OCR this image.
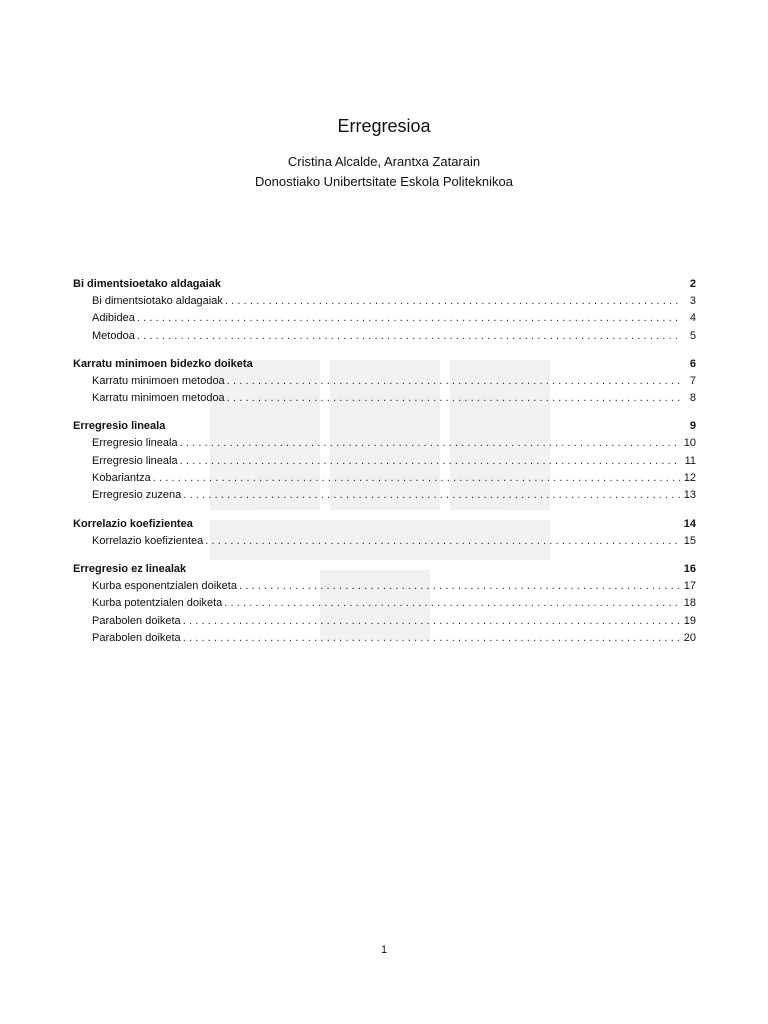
Erregresioa
Cristina Alcalde, Arantxa Zatarain
Donostiako Unibertsitate Eskola Politeknikoa
Bi dimentsioetako aldagaiak	2
Bi dimentsiotako aldagaiak .....	3
Adibidea .....	4
Metodoa .....	5
Karratu minimoen bidezko doiketa	6
Karratu minimoen metodoa .....	7
Karratu minimoen metodoa .....	8
Erregresio lineala	9
Erregresio lineala .....	10
Erregresio lineala .....	11
Kobariantza .....	12
Erregresio zuzena .....	13
Korrelazio koefizientea	14
Korrelazio koefizientea .....	15
Erregresio ez linealak	16
Kurba esponentzialen doiketa .....	17
Kurba potentzialen doiketa .....	18
Parabolen doiketa .....	19
Parabolen doiketa .....	20
1
